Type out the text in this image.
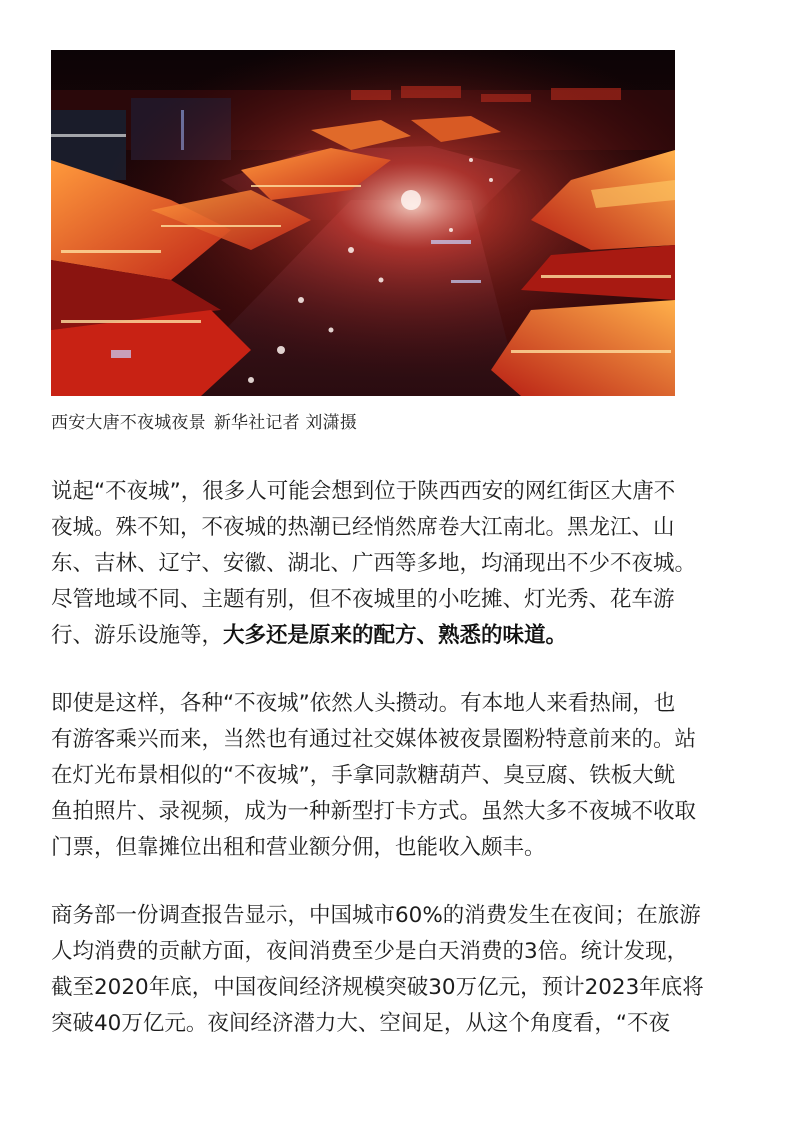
西安大唐不夜城夜景 新华社记者 刘潇摄

说起“不夜城”，很多人可能会想到位于陕西西安的网红街区大唐不
夜城。殊不知，不夜城的热潮已经悄然席卷大江南北。黑龙江、山
东、吉林、辽宁、安徽、湖北、广西等多地，均涌现出不少不夜城。
尽管地域不同、主题有别，但不夜城里的小吃摊、灯光秀、花车游
行、游乐设施等，大多还是原来的配方、熟悉的味道。

即使是这样，各种“不夜城”依然人头攒动。有本地人来看热闹，也
有游客乘兴而来，当然也有通过社交媒体被夜景圈粉特意前来的。站
在灯光布景相似的“不夜城”，手拿同款糖葫芦、臭豆腐、铁板大鱿
鱼拍照片、录视频，成为一种新型打卡方式。虽然大多不夜城不收取
门票，但靠摊位出租和营业额分佣，也能收入颇丰。

商务部一份调查报告显示，中国城市60%的消费发生在夜间；在旅游
人均消费的贡献方面，夜间消费至少是白天消费的3倍。统计发现，
截至2020年底，中国夜间经济规模突破30万亿元，预计2023年底将
突破40万亿元。夜间经济潜力大、空间足，从这个角度看，“不夜
